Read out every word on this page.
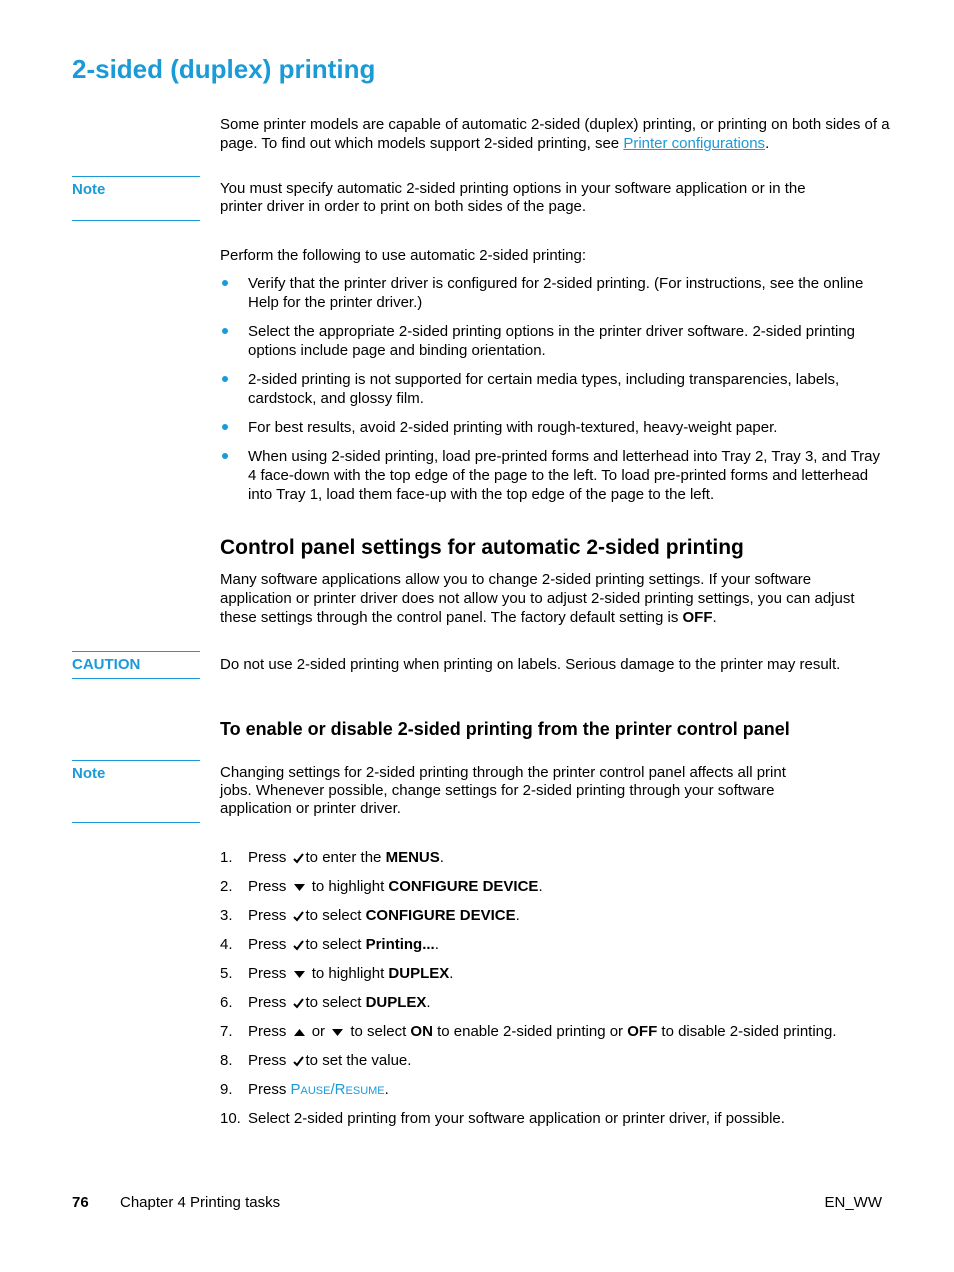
2-sided (duplex) printing

Some printer models are capable of automatic 2-sided (duplex) printing, or printing on both sides of a page. To find out which models support 2-sided printing, see Printer configurations.

Note	You must specify automatic 2-sided printing options in your software application or in the printer driver in order to print on both sides of the page.

Perform the following to use automatic 2-sided printing:

Verify that the printer driver is configured for 2-sided printing. (For instructions, see the online Help for the printer driver.)
Select the appropriate 2-sided printing options in the printer driver software. 2-sided printing options include page and binding orientation.
2-sided printing is not supported for certain media types, including transparencies, labels, cardstock, and glossy film.
For best results, avoid 2-sided printing with rough-textured, heavy-weight paper.
When using 2-sided printing, load pre-printed forms and letterhead into Tray 2, Tray 3, and Tray 4 face-down with the top edge of the page to the left. To load pre-printed forms and letterhead into Tray 1, load them face-up with the top edge of the page to the left.
Control panel settings for automatic 2-sided printing

Many software applications allow you to change 2-sided printing settings. If your software application or printer driver does not allow you to adjust 2-sided printing settings, you can adjust these settings through the control panel. The factory default setting is OFF.

CAUTION	Do not use 2-sided printing when printing on labels. Serious damage to the printer may result.

To enable or disable 2-sided printing from the printer control panel
Note	Changing settings for 2-sided printing through the printer control panel affects all print jobs. Whenever possible, change settings for 2-sided printing through your software application or printer driver.

1. Press to enter the MENUS.
2. Press to highlight CONFIGURE DEVICE.
3. Press to select CONFIGURE DEVICE.
4. Press to select Printing....
5. Press to highlight DUPLEX.
6. Press to select DUPLEX.
7. Press or to select ON to enable 2-sided printing or OFF to disable 2-sided printing.
8. Press to set the value.
9. Press PAUSE/RESUME.
10. Select 2-sided printing from your software application or printer driver, if possible.
76 Chapter 4 Printing tasks	EN_WW
